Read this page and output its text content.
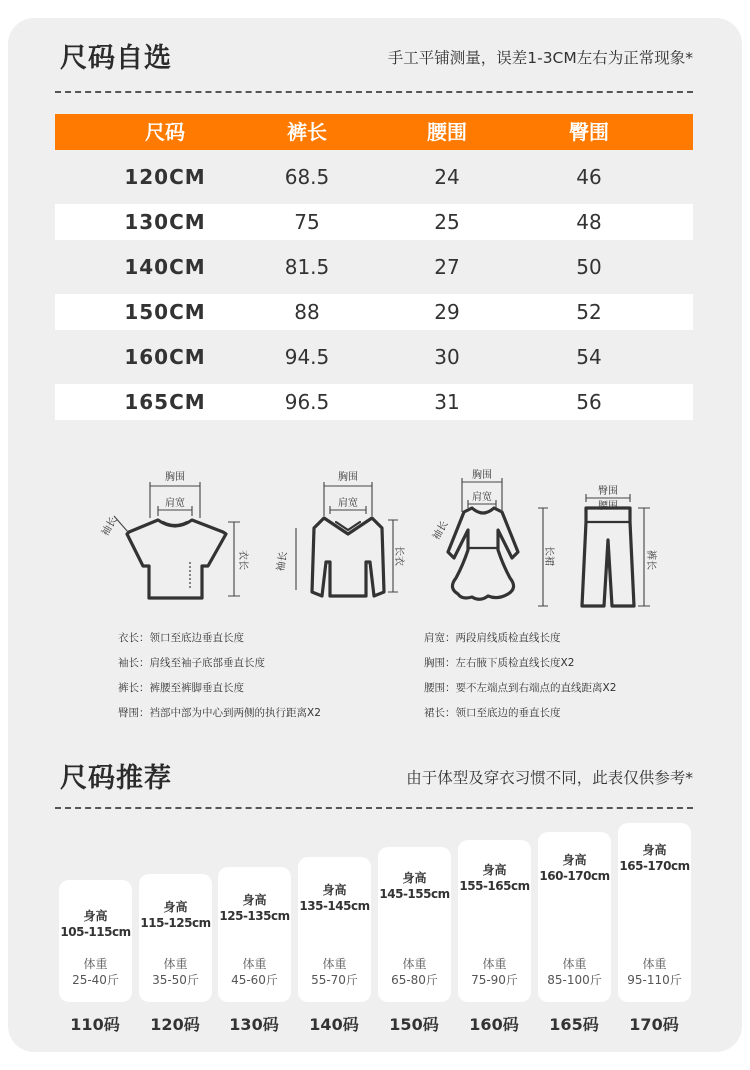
尺码自选	手工平铺测量，误差1-3CM左右为正常现象*
尺码	裤长	腰围	臀围
120CM	68.5	24	46
130CM	75	25	48
140CM	81.5	27	50
150CM	88	29	52
160CM	94.5	30	54
165CM	96.5	31	56
胸围
肩宽
衣长
袖长
胸围
肩宽
长衣
袖长
胸围
肩宽
长裙
袖长
臀围
腰围
裤长
衣长：领口至底边垂直长度
袖长：肩线至袖子底部垂直长度
裤长：裤腰至裤脚垂直长度
臀围：裆部中部为中心到两侧的执行距离X2
肩宽：两段肩线质检直线长度
胸围：左右腋下质检直线长度X2
腰围：要不左端点到右端点的直线距离X2
裙长：领口至底边的垂直长度
尺码推荐	由于体型及穿衣习惯不同，此表仅供参考*
身高
105-115cm
体重
25-40斤
身高
115-125cm
体重
35-50斤
身高
125-135cm
体重
45-60斤
身高
135-145cm
体重
55-70斤
身高
145-155cm
体重
65-80斤
身高
155-165cm
体重
75-90斤
身高
160-170cm
体重
85-100斤
身高
165-170cm
体重
95-110斤
110码	120码	130码	140码	150码	160码	165码	170码
